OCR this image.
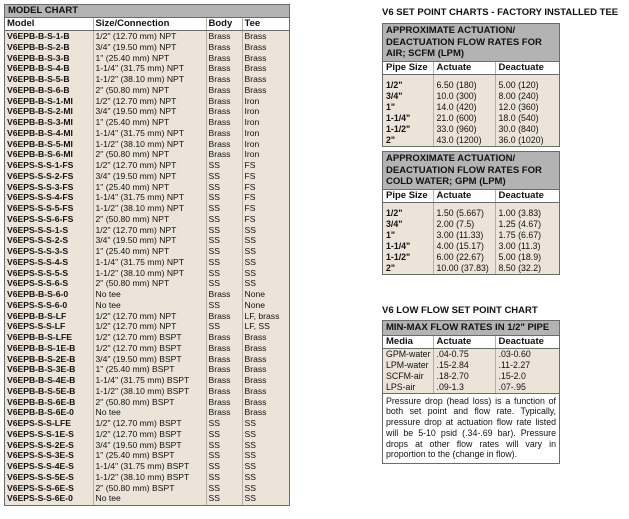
MODEL CHART
Model	Size/Connection	Body	Tee
V6EPB-B-S-1-B	1/2" (12.70 mm) NPT	Brass	Brass
V6EPB-B-S-2-B	3/4" (19.50 mm) NPT	Brass	Brass
V6EPB-B-S-3-B	1" (25.40 mm) NPT	Brass	Brass
V6EPB-B-S-4-B	1-1/4" (31.75 mm) NPT	Brass	Brass
V6EPB-B-S-5-B	1-1/2" (38.10 mm) NPT	Brass	Brass
V6EPB-B-S-6-B	2" (50.80 mm) NPT	Brass	Brass
V6EPB-B-S-1-MI	1/2" (12.70 mm) NPT	Brass	Iron
V6EPB-B-S-2-MI	3/4" (19.50 mm) NPT	Brass	Iron
V6EPB-B-S-3-MI	1" (25.40 mm) NPT	Brass	Iron
V6EPB-B-S-4-MI	1-1/4" (31.75 mm) NPT	Brass	Iron
V6EPB-B-S-5-MI	1-1/2" (38.10 mm) NPT	Brass	Iron
V6EPB-B-S-6-MI	2" (50.80 mm) NPT	Brass	Iron
V6EPS-S-S-1-FS	1/2" (12.70 mm) NPT	SS	FS
V6EPS-S-S-2-FS	3/4" (19.50 mm) NPT	SS	FS
V6EPS-S-S-3-FS	1" (25.40 mm) NPT	SS	FS
V6EPS-S-S-4-FS	1-1/4" (31.75 mm) NPT	SS	FS
V6EPS-S-S-5-FS	1-1/2" (38.10 mm) NPT	SS	FS
V6EPS-S-S-6-FS	2" (50.80 mm) NPT	SS	FS
V6EPS-S-S-1-S	1/2" (12.70 mm) NPT	SS	SS
V6EPS-S-S-2-S	3/4" (19.50 mm) NPT	SS	SS
V6EPS-S-S-3-S	1" (25.40 mm) NPT	SS	SS
V6EPS-S-S-4-S	1-1/4" (31.75 mm) NPT	SS	SS
V6EPS-S-S-5-S	1-1/2" (38.10 mm) NPT	SS	SS
V6EPS-S-S-6-S	2" (50.80 mm) NPT	SS	SS
V6EPB-B-S-6-0	No tee	Brass	None
V6EPS-S-S-6-0	No tee	SS	None
V6EPB-B-S-LF	1/2" (12.70 mm) NPT	Brass	LF, brass
V6EPS-S-S-LF	1/2" (12.70 mm) NPT	SS	LF, SS
V6EPB-B-S-LFE	1/2" (12.70 mm) BSPT	Brass	Brass
V6EPB-B-S-1E-B	1/2" (12.70 mm) BSPT	Brass	Brass
V6EPB-B-S-2E-B	3/4" (19.50 mm) BSPT	Brass	Brass
V6EPB-B-S-3E-B	1" (25.40 mm) BSPT	Brass	Brass
V6EPB-B-S-4E-B	1-1/4" (31.75 mm) BSPT	Brass	Brass
V6EPB-B-S-5E-B	1-1/2" (38.10 mm) BSPT	Brass	Brass
V6EPB-B-S-6E-B	2" (50.80 mm) BSPT	Brass	Brass
V6EPB-B-S-6E-0	No tee	Brass	Brass
V6EPS-S-S-LFE	1/2" (12.70 mm) BSPT	SS	SS
V6EPS-S-S-1E-S	1/2" (12.70 mm) BSPT	SS	SS
V6EPS-S-S-2E-S	3/4" (19.50 mm) BSPT	SS	SS
V6EPS-S-S-3E-S	1" (25.40 mm) BSPT	SS	SS
V6EPS-S-S-4E-S	1-1/4" (31.75 mm) BSPT	SS	SS
V6EPS-S-S-5E-S	1-1/2" (38.10 mm) BSPT	SS	SS
V6EPS-S-S-6E-S	2" (50.80 mm) BSPT	SS	SS
V6EPS-S-S-6E-0	No tee	SS	SS
V6 SET POINT CHARTS - FACTORY INSTALLED TEE
APPROXIMATE ACTUATION/ DEACTUATION FLOW RATES FOR AIR; SCFM (LPM)
Pipe Size	Actuate	Deactuate

1/2"	6.50 (180)	5.00 (120)
3/4"	10.0 (300)	8.00 (240)
1"	14.0 (420)	12.0 (360)
1-1/4"	21.0 (600)	18.0 (540)
1-1/2"	33.0 (960)	30.0 (840)
2"	43.0 (1200)	36.0 (1020)
APPROXIMATE ACTUATION/ DEACTUATION FLOW RATES FOR COLD WATER; GPM (LPM)
Pipe Size	Actuate	Deactuate

1/2"	1.50 (5.667)	1.00 (3.83)
3/4"	2.00 (7.5)	1.25 (4.67)
1"	3.00 (11.33)	1.75 (6.67)
1-1/4"	4.00 (15.17)	3.00 (11.3)
1-1/2"	6.00 (22.67)	5.00 (18.9)
2"	10.00 (37.83)	8.50 (32.2)
V6 LOW FLOW SET POINT CHART
MIN-MAX FLOW RATES IN 1/2" PIPE
Media	Actuate	Deactuate
GPM-water	.04-0.75	.03-0.60
LPM-water	.15-2.84	.11-2.27
SCFM-air	.18-2.70	.15-2.0
LPS-air	.09-1.3	.07-.95
Pressure drop (head loss) is a function of both set point and flow rate. Typically, pressure drop at actuation flow rate listed will be 5-10 psid (.34-.69 bar). Pressure drops at other flow rates will vary in proportion to the (change in flow).
